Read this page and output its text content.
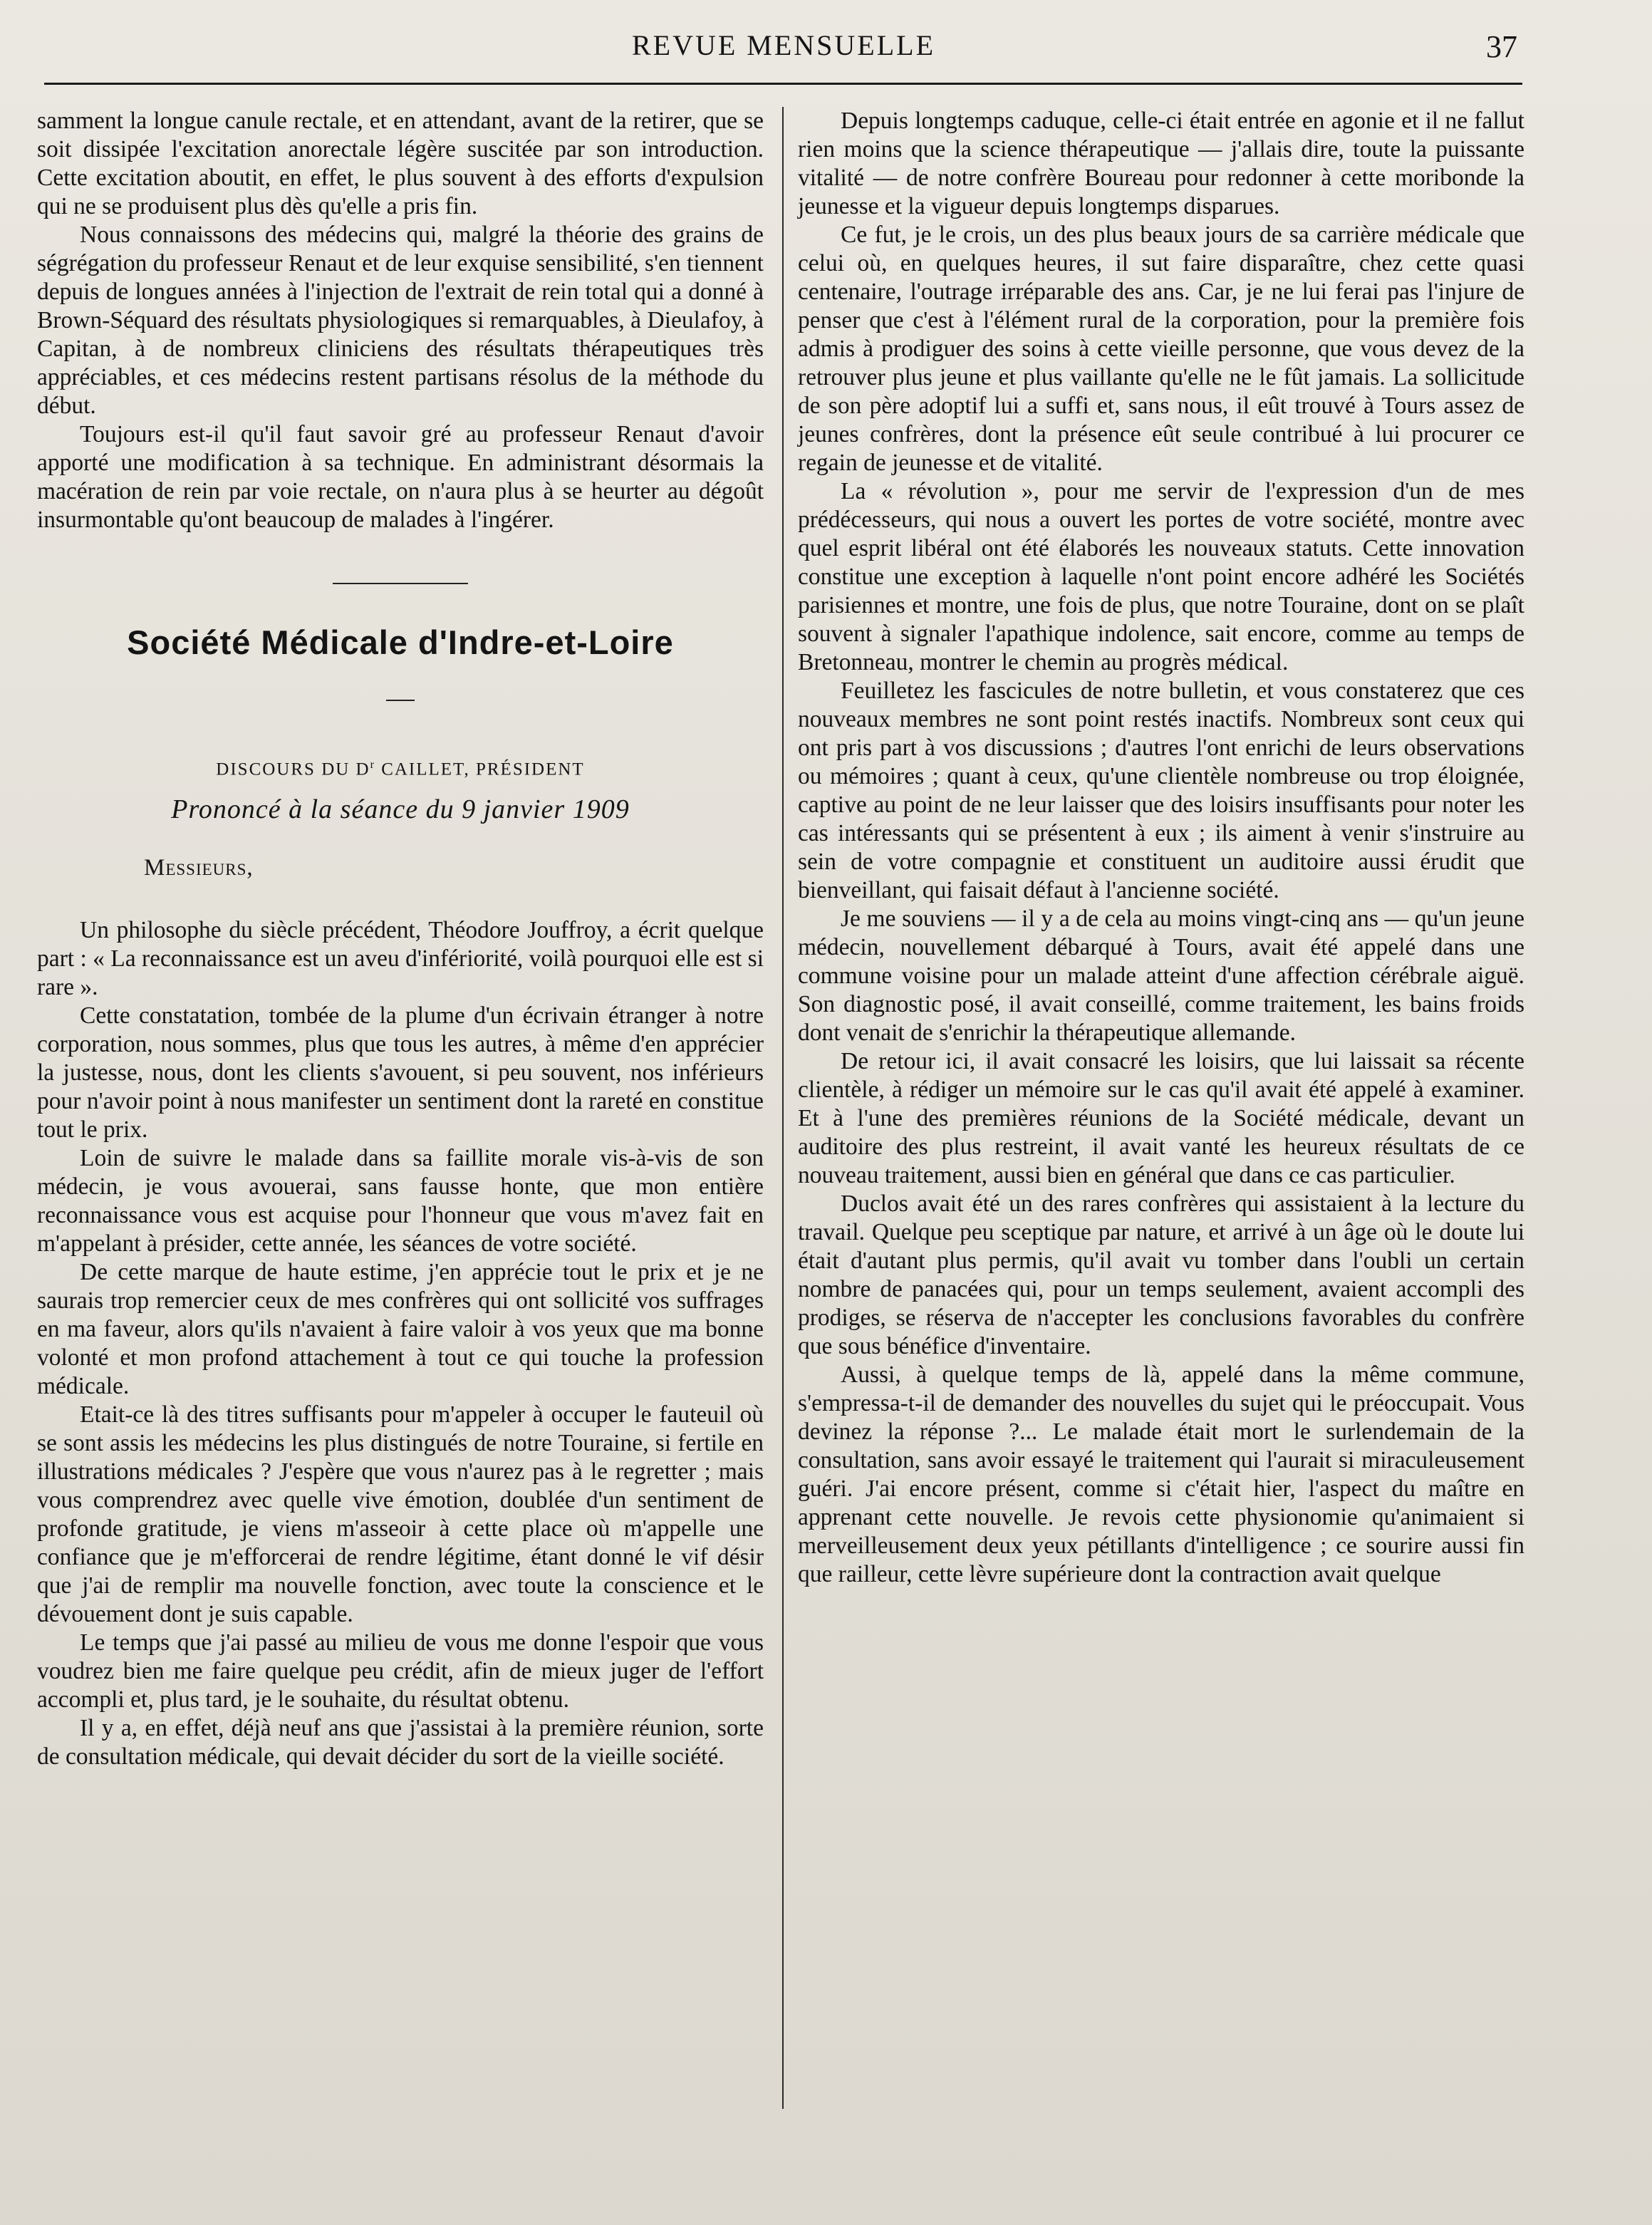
REVUE MENSUELLE	37

samment la longue canule rectale, et en attendant, avant de la retirer, que se soit dissipée l'excitation anorectale légère suscitée par son introduction. Cette excitation aboutit, en effet, le plus souvent à des efforts d'expulsion qui ne se produisent plus dès qu'elle a pris fin.

Nous connaissons des médecins qui, malgré la théorie des grains de ségrégation du professeur Renaut et de leur exquise sensibilité, s'en tiennent depuis de longues années à l'injection de l'extrait de rein total qui a donné à Brown-Séquard des résultats physiologiques si remarquables, à Dieulafoy, à Capitan, à de nombreux cliniciens des résultats thérapeutiques très appréciables, et ces médecins restent partisans résolus de la méthode du début.

Toujours est-il qu'il faut savoir gré au professeur Renaut d'avoir apporté une modification à sa technique. En administrant désormais la macération de rein par voie rectale, on n'aura plus à se heurter au dégoût insurmontable qu'ont beaucoup de malades à l'ingérer.

Société Médicale d'Indre-et-Loire
DISCOURS DU $D^r$ CAILLET, PRÉSIDENT
Prononcé à la séance du 9 janvier 1909
Messieurs,

Un philosophe du siècle précédent, Théodore Jouffroy, a écrit quelque part : « La reconnaissance est un aveu d'infériorité, voilà pourquoi elle est si rare ».

Cette constatation, tombée de la plume d'un écrivain étranger à notre corporation, nous sommes, plus que tous les autres, à même d'en apprécier la justesse, nous, dont les clients s'avouent, si peu souvent, nos inférieurs pour n'avoir point à nous manifester un sentiment dont la rareté en constitue tout le prix.

Loin de suivre le malade dans sa faillite morale vis-à-vis de son médecin, je vous avouerai, sans fausse honte, que mon entière reconnaissance vous est acquise pour l'honneur que vous m'avez fait en m'appelant à présider, cette année, les séances de votre société.

De cette marque de haute estime, j'en apprécie tout le prix et je ne saurais trop remercier ceux de mes confrères qui ont sollicité vos suffrages en ma faveur, alors qu'ils n'avaient à faire valoir à vos yeux que ma bonne volonté et mon profond attachement à tout ce qui touche la profession médicale.

Etait-ce là des titres suffisants pour m'appeler à occuper le fauteuil où se sont assis les médecins les plus distingués de notre Touraine, si fertile en illustrations médicales ? J'espère que vous n'aurez pas à le regretter ; mais vous comprendrez avec quelle vive émotion, doublée d'un sentiment de profonde gratitude, je viens m'asseoir à cette place où m'appelle une confiance que je m'efforcerai de rendre légitime, étant donné le vif désir que j'ai de remplir ma nouvelle fonction, avec toute la conscience et le dévouement dont je suis capable.

Le temps que j'ai passé au milieu de vous me donne l'espoir que vous voudrez bien me faire quelque peu crédit, afin de mieux juger de l'effort accompli et, plus tard, je le souhaite, du résultat obtenu.

Il y a, en effet, déjà neuf ans que j'assistai à la première réunion, sorte de consultation médicale, qui devait décider du sort de la vieille société.

Depuis longtemps caduque, celle-ci était entrée en agonie et il ne fallut rien moins que la science thérapeutique — j'allais dire, toute la puissante vitalité — de notre confrère Boureau pour redonner à cette moribonde la jeunesse et la vigueur depuis longtemps disparues.

Ce fut, je le crois, un des plus beaux jours de sa carrière médicale que celui où, en quelques heures, il sut faire disparaître, chez cette quasi centenaire, l'outrage irréparable des ans. Car, je ne lui ferai pas l'injure de penser que c'est à l'élément rural de la corporation, pour la première fois admis à prodiguer des soins à cette vieille personne, que vous devez de la retrouver plus jeune et plus vaillante qu'elle ne le fût jamais. La sollicitude de son père adoptif lui a suffi et, sans nous, il eût trouvé à Tours assez de jeunes confrères, dont la présence eût seule contribué à lui procurer ce regain de jeunesse et de vitalité.

La « révolution », pour me servir de l'expression d'un de mes prédécesseurs, qui nous a ouvert les portes de votre société, montre avec quel esprit libéral ont été élaborés les nouveaux statuts. Cette innovation constitue une exception à laquelle n'ont point encore adhéré les Sociétés parisiennes et montre, une fois de plus, que notre Touraine, dont on se plaît souvent à signaler l'apathique indolence, sait encore, comme au temps de Bretonneau, montrer le chemin au progrès médical.

Feuilletez les fascicules de notre bulletin, et vous constaterez que ces nouveaux membres ne sont point restés inactifs. Nombreux sont ceux qui ont pris part à vos discussions ; d'autres l'ont enrichi de leurs observations ou mémoires ; quant à ceux, qu'une clientèle nombreuse ou trop éloignée, captive au point de ne leur laisser que des loisirs insuffisants pour noter les cas intéressants qui se présentent à eux ; ils aiment à venir s'instruire au sein de votre compagnie et constituent un auditoire aussi érudit que bienveillant, qui faisait défaut à l'ancienne société.

Je me souviens — il y a de cela au moins vingt-cinq ans — qu'un jeune médecin, nouvellement débarqué à Tours, avait été appelé dans une commune voisine pour un malade atteint d'une affection cérébrale aiguë. Son diagnostic posé, il avait conseillé, comme traitement, les bains froids dont venait de s'enrichir la thérapeutique allemande.

De retour ici, il avait consacré les loisirs, que lui laissait sa récente clientèle, à rédiger un mémoire sur le cas qu'il avait été appelé à examiner. Et à l'une des premières réunions de la Société médicale, devant un auditoire des plus restreint, il avait vanté les heureux résultats de ce nouveau traitement, aussi bien en général que dans ce cas particulier.

Duclos avait été un des rares confrères qui assistaient à la lecture du travail. Quelque peu sceptique par nature, et arrivé à un âge où le doute lui était d'autant plus permis, qu'il avait vu tomber dans l'oubli un certain nombre de panacées qui, pour un temps seulement, avaient accompli des prodiges, se réserva de n'accepter les conclusions favorables du confrère que sous bénéfice d'inventaire.

Aussi, à quelque temps de là, appelé dans la même commune, s'empressa-t-il de demander des nouvelles du sujet qui le préoccupait. Vous devinez la réponse ?... Le malade était mort le surlendemain de la consultation, sans avoir essayé le traitement qui l'aurait si miraculeusement guéri. J'ai encore présent, comme si c'était hier, l'aspect du maître en apprenant cette nouvelle. Je revois cette physionomie qu'animaient si merveilleusement deux yeux pétillants d'intelligence ; ce sourire aussi fin que railleur, cette lèvre supérieure dont la contraction avait quelque
